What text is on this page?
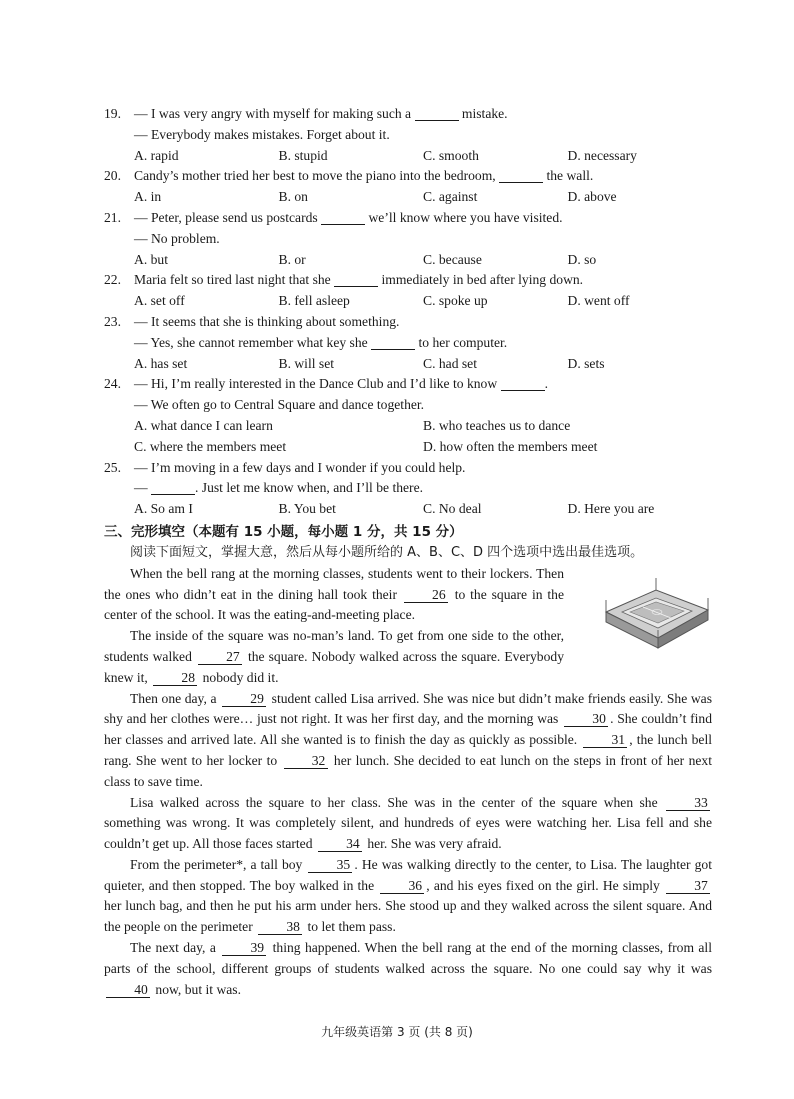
19. — I was very angry with myself for making such a	mistake.
— Everybody makes mistakes. Forget about it.
A. rapid	B. stupid	C. smooth	D. necessary
20. Candy’s mother tried her best to move the piano into the bedroom,	the wall.
A. in	B. on	C. against	D. above
21. — Peter, please send us postcards	we’ll know where you have visited.
— No problem.
A. but	B. or	C. because	D. so
22. Maria felt so tired last night that she	immediately in bed after lying down.
A. set off	B. fell asleep	C. spoke up	D. went off
23. — It seems that she is thinking about something.
— Yes, she cannot remember what key she	to her computer.
A. has set	B. will set	C. had set	D. sets
24. — Hi, I’m really interested in the Dance Club and I’d like to know	.
— We often go to Central Square and dance together.
A. what dance I can learn	B. who teaches us to dance
C. where the members meet	D. how often the members meet
25. — I’m moving in a few days and I wonder if you could help.
—	. Just let me know when, and I’ll be there.
A. So am I	B. You bet	C. No deal	D. Here you are
三、完形填空（本题有 15 小题，每小题 1 分，共 15 分）
阅读下面短文，掌握大意，然后从每小题所给的 A、B、C、D 四个选项中选出最佳选项。
When the bell rang at the morning classes, students went to their lockers. Then the ones who didn’t eat in the dining hall took their 26 to the square in the center of the school. It was the eating-and-meeting place.
The inside of the square was no-man’s land. To get from one side to the other, students walked 27 the square. Nobody walked across the square. Everybody knew it, 28 nobody did it.
Then one day, a 29 student called Lisa arrived. She was nice but didn’t make friends easily. She was shy and her clothes were… just not right. It was her first day, and the morning was 30 . She couldn’t find her classes and arrived late. All she wanted is to finish the day as quickly as possible. 31 , the lunch bell rang. She went to her locker to 32 her lunch. She decided to eat lunch on the steps in front of her next class to save time.
Lisa walked across the square to her class. She was in the center of the square when she 33 something was wrong. It was completely silent, and hundreds of eyes were watching her. Lisa fell and she couldn’t get up. All those faces started 34 her. She was very afraid.
From the perimeter*, a tall boy 35 . He was walking directly to the center, to Lisa. The laughter got quieter, and then stopped. The boy walked in the 36 , and his eyes fixed on the girl. He simply 37 her lunch bag, and then he put his arm under hers. She stood up and they walked across the silent square. And the people on the perimeter 38 to let them pass.
The next day, a 39 thing happened. When the bell rang at the end of the morning classes, from all parts of the school, different groups of students walked across the square. No one could say why it was 40 now, but it was.
九年级英语第 3 页 (共 8 页)
